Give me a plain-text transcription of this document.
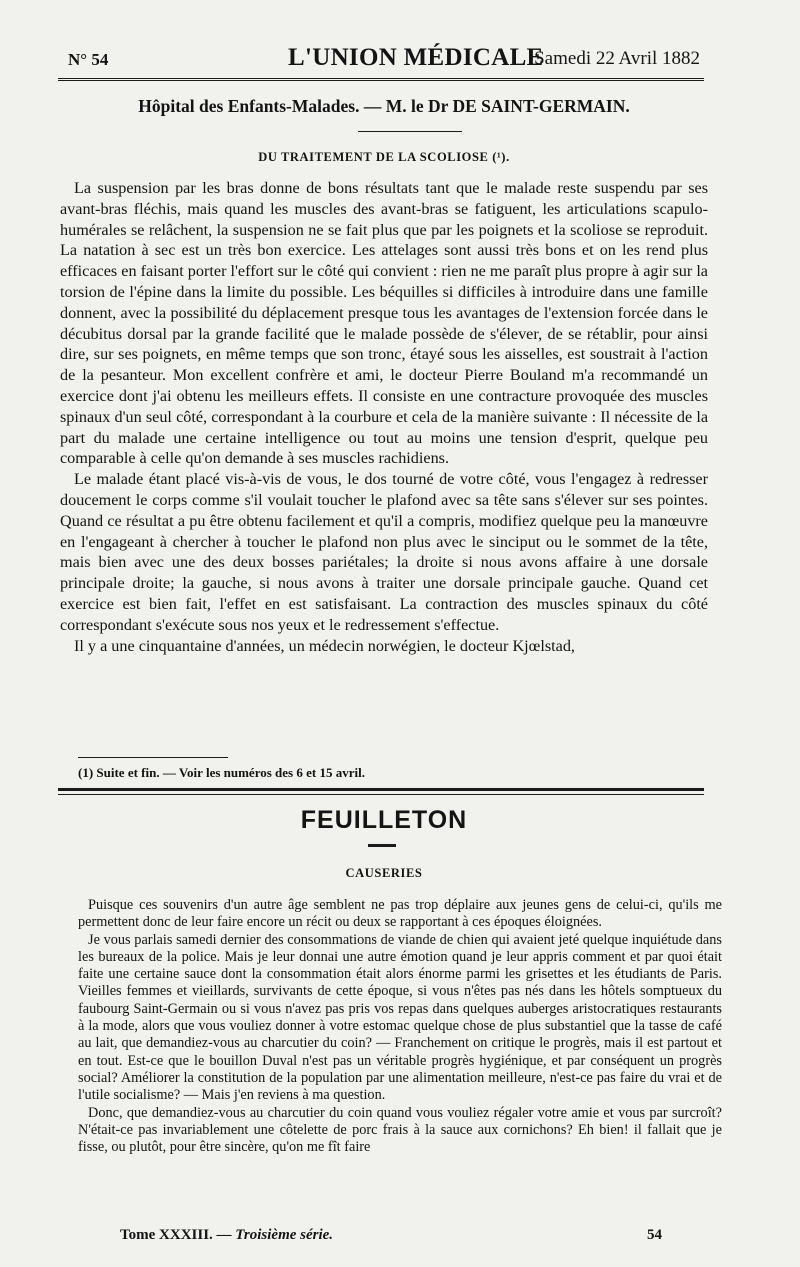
N° 54	L'UNION MÉDICALE
Samedi 22 Avril 1882
Hôpital des Enfants-Malades. — M. le Dr DE SAINT-GERMAIN.
DU TRAITEMENT DE LA SCOLIOSE (¹).

La suspension par les bras donne de bons résultats tant que le malade reste suspendu par ses avant-bras fléchis, mais quand les muscles des avant-bras se fatiguent, les articulations scapulo-humérales se relâchent, la suspension ne se fait plus que par les poignets et la scoliose se reproduit. La natation à sec est un très bon exercice. Les attelages sont aussi très bons et on les rend plus efficaces en faisant porter l'effort sur le côté qui convient : rien ne me paraît plus propre à agir sur la torsion de l'épine dans la limite du possible. Les béquilles si difficiles à introduire dans une famille donnent, avec la possibilité du déplacement presque tous les avantages de l'extension forcée dans le décubitus dorsal par la grande facilité que le malade possède de s'élever, de se rétablir, pour ainsi dire, sur ses poignets, en même temps que son tronc, étayé sous les aisselles, est soustrait à l'action de la pesanteur. Mon excellent confrère et ami, le docteur Pierre Bouland m'a recommandé un exercice dont j'ai obtenu les meilleurs effets. Il consiste en une contracture provoquée des muscles spinaux d'un seul côté, correspondant à la courbure et cela de la manière suivante : Il nécessite de la part du malade une certaine intelligence ou tout au moins une tension d'esprit, quelque peu comparable à celle qu'on demande à ses muscles rachidiens.

Le malade étant placé vis-à-vis de vous, le dos tourné de votre côté, vous l'engagez à redresser doucement le corps comme s'il voulait toucher le plafond avec sa tête sans s'élever sur ses pointes. Quand ce résultat a pu être obtenu facilement et qu'il a compris, modifiez quelque peu la manœuvre en l'engageant à chercher à toucher le plafond non plus avec le sinciput ou le sommet de la tête, mais bien avec une des deux bosses pariétales; la droite si nous avons affaire à une dorsale principale droite; la gauche, si nous avons à traiter une dorsale principale gauche. Quand cet exercice est bien fait, l'effet en est satisfaisant. La contraction des muscles spinaux du côté correspondant s'exécute sous nos yeux et le redressement s'effectue.

Il y a une cinquantaine d'années, un médecin norwégien, le docteur Kjœlstad,

(1) Suite et fin. — Voir les numéros des 6 et 15 avril.
FEUILLETON
CAUSERIES

Puisque ces souvenirs d'un autre âge semblent ne pas trop déplaire aux jeunes gens de celui-ci, qu'ils me permettent donc de leur faire encore un récit ou deux se rapportant à ces époques éloignées.

Je vous parlais samedi dernier des consommations de viande de chien qui avaient jeté quelque inquiétude dans les bureaux de la police. Mais je leur donnai une autre émotion quand je leur appris comment et par quoi était faite une certaine sauce dont la consommation était alors énorme parmi les grisettes et les étudiants de Paris. Vieilles femmes et vieillards, survivants de cette époque, si vous n'êtes pas nés dans les hôtels somptueux du faubourg Saint-Germain ou si vous n'avez pas pris vos repas dans quelques auberges aristocratiques restaurants à la mode, alors que vous vouliez donner à votre estomac quelque chose de plus substantiel que la tasse de café au lait, que demandiez-vous au charcutier du coin? — Franchement on critique le progrès, mais il est partout et en tout. Est-ce que le bouillon Duval n'est pas un véritable progrès hygiénique, et par conséquent un progrès social? Améliorer la constitution de la population par une alimentation meilleure, n'est-ce pas faire du vrai et de l'utile socialisme? — Mais j'en reviens à ma question.

Donc, que demandiez-vous au charcutier du coin quand vous vouliez régaler votre amie et vous par surcroît? N'était-ce pas invariablement une côtelette de porc frais à la sauce aux cornichons? Eh bien! il fallait que je fisse, ou plutôt, pour être sincère, qu'on me fît faire

Tome XXXIII. — Troisième série.	54
